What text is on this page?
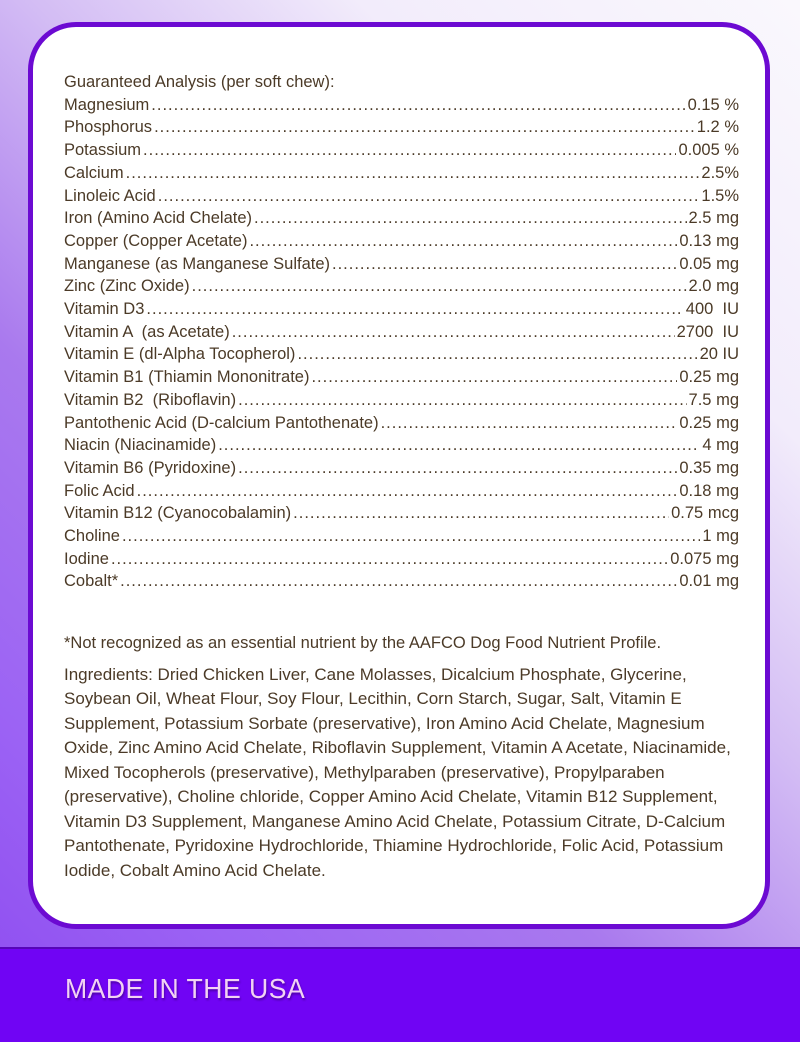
Guaranteed Analysis (per soft chew):
Magnesium .....	0.15 %
Phosphorus .....	1.2 %
Potassium .....	0.005 %
Calcium .....	2.5%
Linoleic Acid .....	1.5%
Iron (Amino Acid Chelate) .....	2.5 mg
Copper (Copper Acetate) .....	0.13 mg
Manganese (as Manganese Sulfate) .....	0.05 mg
Zinc (Zinc Oxide) .....	2.0 mg
Vitamin D3 .....	400  IU
Vitamin A  (as Acetate) .....	2700  IU
Vitamin E (dl-Alpha Tocopherol) .....	20 IU
Vitamin B1 (Thiamin Mononitrate) .....	0.25 mg
Vitamin B2  (Riboflavin) .....	7.5 mg
Pantothenic Acid (D-calcium Pantothenate) .....	0.25 mg
Niacin (Niacinamide) .....	4 mg
Vitamin B6 (Pyridoxine) .....	0.35 mg
Folic Acid .....	0.18 mg
Vitamin B12 (Cyanocobalamin) .....	0.75 mcg
Choline .....	1 mg
Iodine .....	0.075 mg
Cobalt* .....	0.01 mg
*Not recognized as an essential nutrient by the AAFCO Dog Food Nutrient Profile.
Ingredients: Dried Chicken Liver, Cane Molasses, Dicalcium Phosphate, Glycerine, Soybean Oil, Wheat Flour, Soy Flour, Lecithin, Corn Starch, Sugar, Salt, Vitamin E Supplement, Potassium Sorbate (preservative), Iron Amino Acid Chelate, Magnesium Oxide, Zinc Amino Acid Chelate, Riboflavin Supplement, Vitamin A Acetate, Niacinamide, Mixed Tocopherols (preservative), Methylparaben (preservative), Propylparaben (preservative), Choline chloride, Copper Amino Acid Chelate, Vitamin B12 Supplement, Vitamin D3 Supplement, Manganese Amino Acid Chelate, Potassium Citrate, D-Calcium Pantothenate, Pyridoxine Hydrochloride, Thiamine Hydrochloride, Folic Acid, Potassium Iodide, Cobalt Amino Acid Chelate.
MADE IN THE USA
